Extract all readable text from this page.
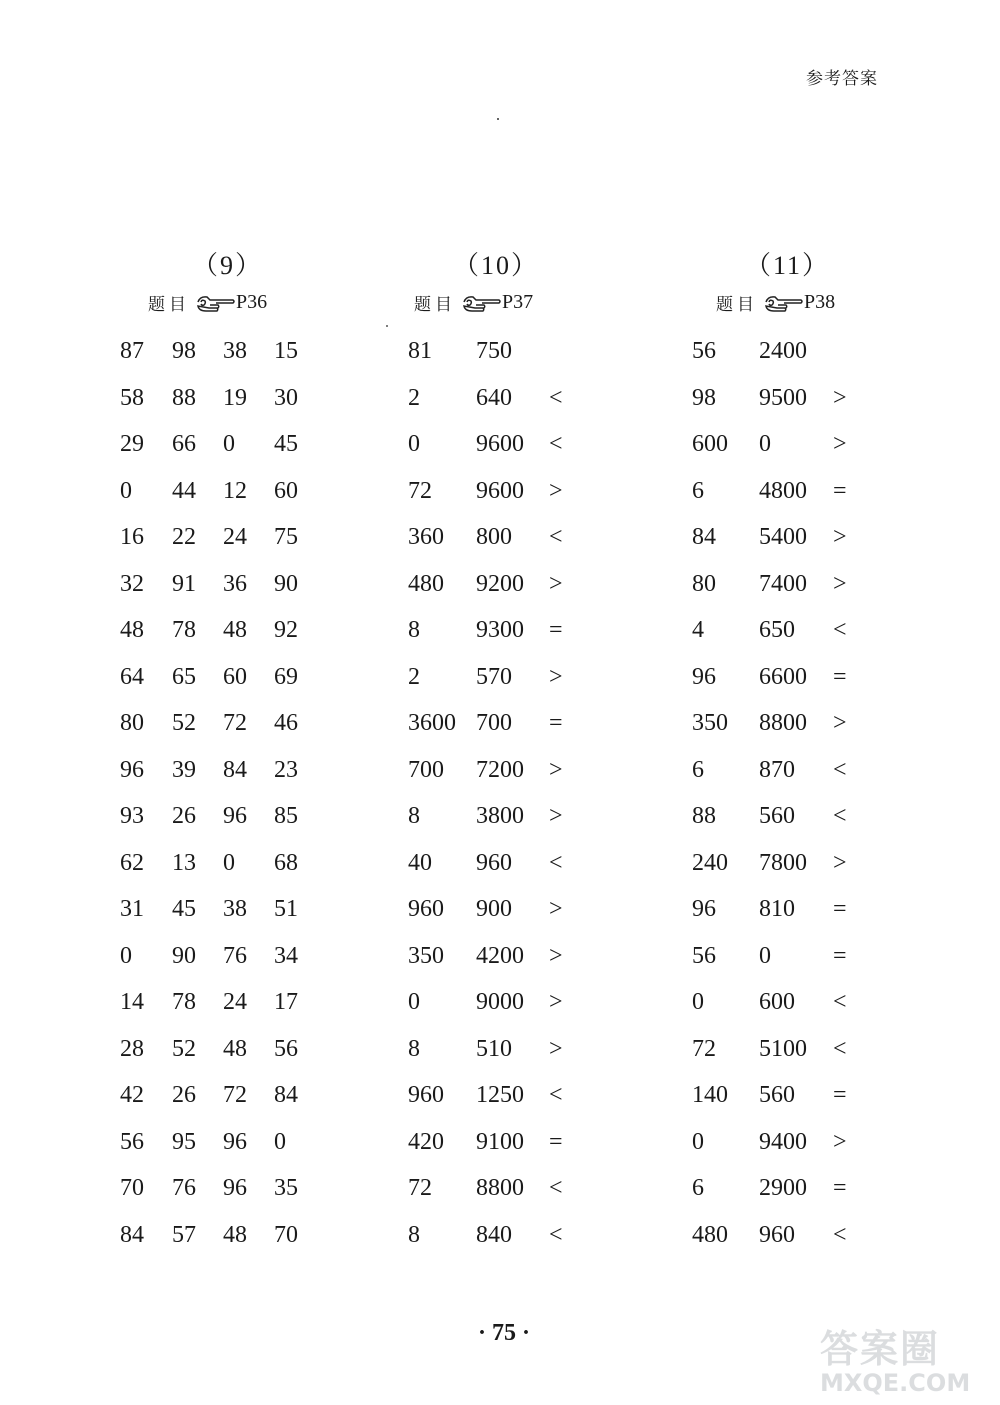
参考答案
（9）
题目 P36
（10）
题目 P37
（11）
题目 P38
87 98 38 15
58 88 19 30
29 66 0 45
0 44 12 60
16 22 24 75
32 91 36 90
48 78 48 92
64 65 60 69
80 52 72 46
96 39 84 23
93 26 96 85
62 13 0 68
31 45 38 51
0 90 76 34
14 78 24 17
28 52 48 56
42 26 72 84
56 95 96 0
70 76 96 35
84 57 48 70
81 750
2 640 <
0 9600 <
72 9600 >
360 800 <
480 9200 >
8 9300 =
2 570 >
3600 700 =
700 7200 >
8 3800 >
40 960 <
960 900 >
350 4200 >
0 9000 >
8 510 >
960 1250 <
420 9100 =
72 8800 <
8 840 <
56 2400
98 9500 >
600 0	>
6 4800 =
84 5400 >
80 7400 >
4 650 <
96 6600 =
350 8800 >
6 870 <
88 560 <
240 7800 >
96 810 =
56 0	=
0 600 <
72 5100 <
140 560 =
0 9400 >
6 2900 =
480 960 <
· 75 ·	答案圈
MXQE.COM
